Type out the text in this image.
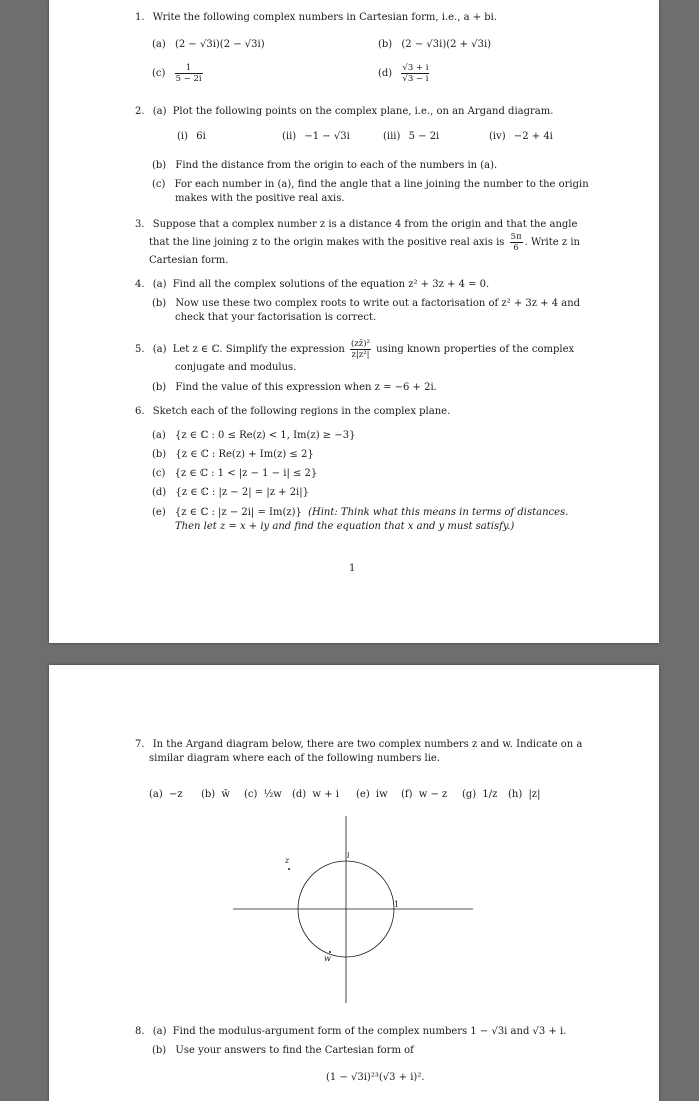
1. Write the following complex numbers in Cartesian form, i.e., a + bi.
(a) (2 − √3i)(2 − √3i)	(b) (2 − √3i)(2 + √3i)
$(c) \frac{1}{5 - 2i}$	$(d) \frac{√3 + i}{√3 - i}$
2. (a) Plot the following points on the complex plane, i.e., on an Argand diagram.
(i) 6i	(ii) −1 − √3i	(iii) 5 − 2i	(iv) −2 + 4i
(b) Find the distance from the origin to each of the numbers in (a).
(c) For each number in (a), find the angle that a line joining the number to the origin
makes with the positive real axis.
3. Suppose that a complex number z is a distance 4 from the origin and that the angle
that the line joining z to the origin makes with the positive real axis is $\frac{5\pi}{6}$ . Write z in
Cartesian form.
4. (a) Find all the complex solutions of the equation z² + 3z + 4 = 0.
(b) Now use these two complex roots to write out a factorisation of z² + 3z + 4 and
check that your factorisation is correct.
5. (a) Let z ∈ ℂ. Simplify the expression $\frac{\text{(zz̄)²}}{\text{z|z²|}}$ using known properties of the complex
conjugate and modulus.
(b) Find the value of this expression when z = −6 + 2i.
6. Sketch each of the following regions in the complex plane.
(a) {z ∈ ℂ : 0 ≤ Re(z) < 1, Im(z) ≥ −3}
(b) {z ∈ ℂ : Re(z) + Im(z) ≤ 2}
(c) {z ∈ ℂ : 1 < |z − 1 − i| ≤ 2}
(d) {z ∈ ℂ : |z − 2| = |z + 2i|}
(e) {z ∈ ℂ : |z − 2i| = Im(z)} (Hint: Think what this means in terms of distances.
Then let z = x + iy and find the equation that x and y must satisfy.)
1
7. In the Argand diagram below, there are two complex numbers z and w. Indicate on a
similar diagram where each of the following numbers lie.
(a) −z (b) w̄ (c) ½w (d) w + i (e) iw (f) w − z (g) 1/z (h) |z|
z
w
i
1
8. (a) Find the modulus-argument form of the complex numbers 1 − √3i and √3 + i.
(b) Use your answers to find the Cartesian form of
(1 − √3i)²³(√3 + i)².
